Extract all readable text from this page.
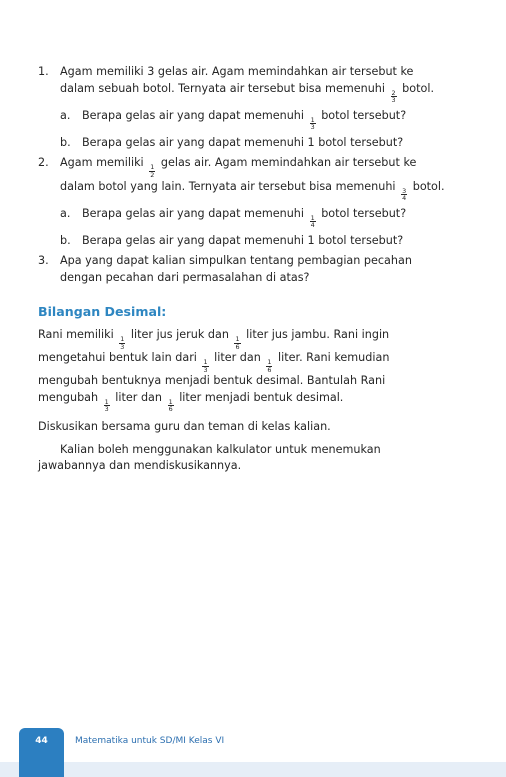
1. Agam memiliki 3 gelas air. Agam memindahkan air tersebut ke dalam sebuah botol. Ternyata air tersebut bisa memenuhi
$\frac{2}{3}$
botol.
a. Berapa gelas air yang dapat memenuhi
$\frac{1}{3}$
botol tersebut?
b. Berapa gelas air yang dapat memenuhi 1 botol tersebut?
2. Agam memiliki
$\frac{1}{2}$
gelas air. Agam memindahkan air tersebut ke dalam botol yang lain. Ternyata air tersebut bisa memenuhi
$\frac{3}{4}$
botol.
a. Berapa gelas air yang dapat memenuhi
$\frac{1}{4}$
botol tersebut?
b. Berapa gelas air yang dapat memenuhi 1 botol tersebut?
3. Apa yang dapat kalian simpulkan tentang pembagian pecahan dengan pecahan dari permasalahan di atas?
Bilangan Desimal:

Rani memiliki
$\frac{1}{3}$
liter jus jeruk dan
$\frac{1}{6}$
liter jus jambu. Rani ingin mengetahui bentuk lain dari
$\frac{1}{3}$
liter dan
$\frac{1}{6}$
liter. Rani kemudian mengubah bentuknya menjadi bentuk desimal. Bantulah Rani mengubah
$\frac{1}{3}$
liter dan
$\frac{1}{6}$
liter menjadi bentuk desimal.

Diskusikan bersama guru dan teman di kelas kalian.

Kalian boleh menggunakan kalkulator untuk menemukan jawabannya dan mendiskusikannya.

44	Matematika untuk SD/MI Kelas VI
